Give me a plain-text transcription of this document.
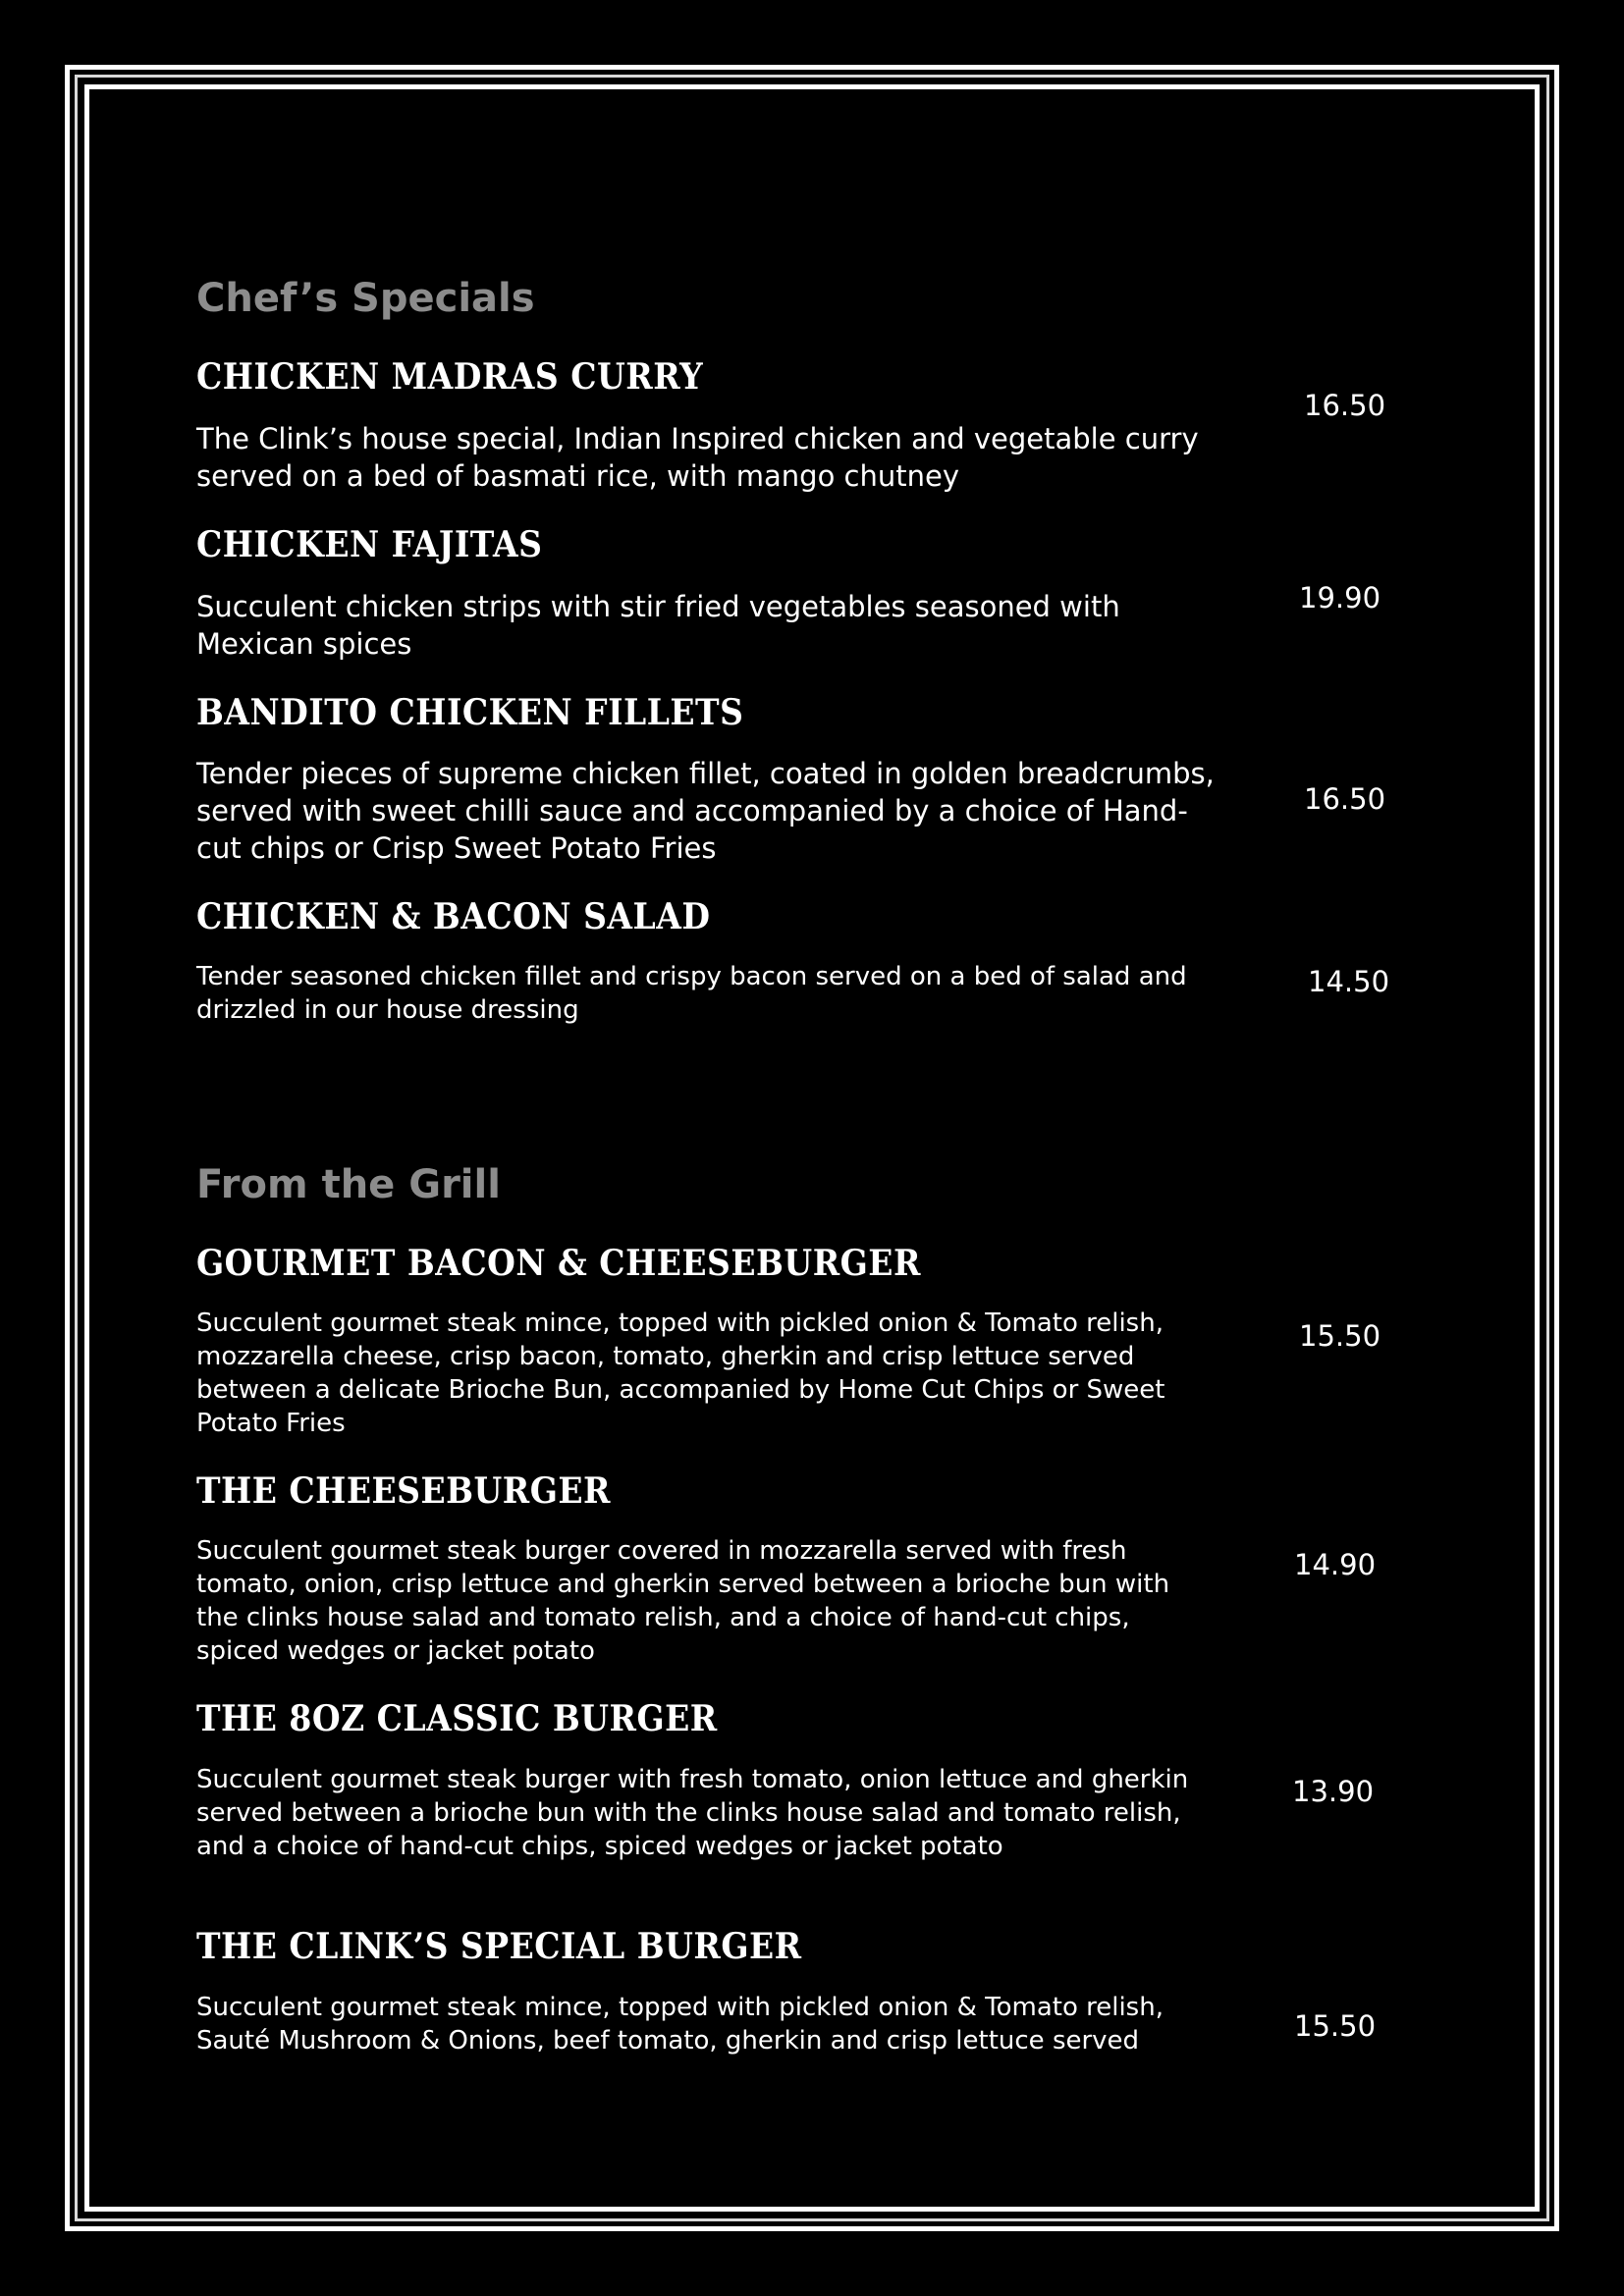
Chef’s Specials
CHICKEN MADRAS CURRY

The Clink’s house special, Indian Inspired chicken and vegetable curry served on a bed of basmati rice, with mango chutney

16.50

CHICKEN FAJITAS

Succulent chicken strips with stir fried vegetables seasoned with Mexican spices

19.90

BANDITO CHICKEN FILLETS

Tender pieces of supreme chicken fillet, coated in golden breadcrumbs, served with sweet chilli sauce and accompanied by a choice of Hand-cut chips or Crisp Sweet Potato Fries

16.50

CHICKEN & BACON SALAD

Tender seasoned chicken fillet and crispy bacon served on a bed of salad and drizzled in our house dressing

14.50

From the Grill
GOURMET BACON & CHEESEBURGER

Succulent gourmet steak mince, topped with pickled onion & Tomato relish, mozzarella cheese, crisp bacon, tomato, gherkin and crisp lettuce served between a delicate Brioche Bun, accompanied by Home Cut Chips or Sweet Potato Fries

15.50

THE CHEESEBURGER

Succulent gourmet steak burger covered in mozzarella served with fresh tomato, onion, crisp lettuce and gherkin served between a brioche bun with the clinks house salad and tomato relish, and a choice of hand-cut chips, spiced wedges or jacket potato

14.90

THE 8OZ CLASSIC BURGER

Succulent gourmet steak burger with fresh tomato, onion lettuce and gherkin served between a brioche bun with the clinks house salad and tomato relish, and a choice of hand-cut chips, spiced wedges or jacket potato

13.90

THE CLINK’S SPECIAL BURGER

Succulent gourmet steak mince, topped with pickled onion & Tomato relish, Sauté Mushroom & Onions, beef tomato, gherkin and crisp lettuce served	15.50
